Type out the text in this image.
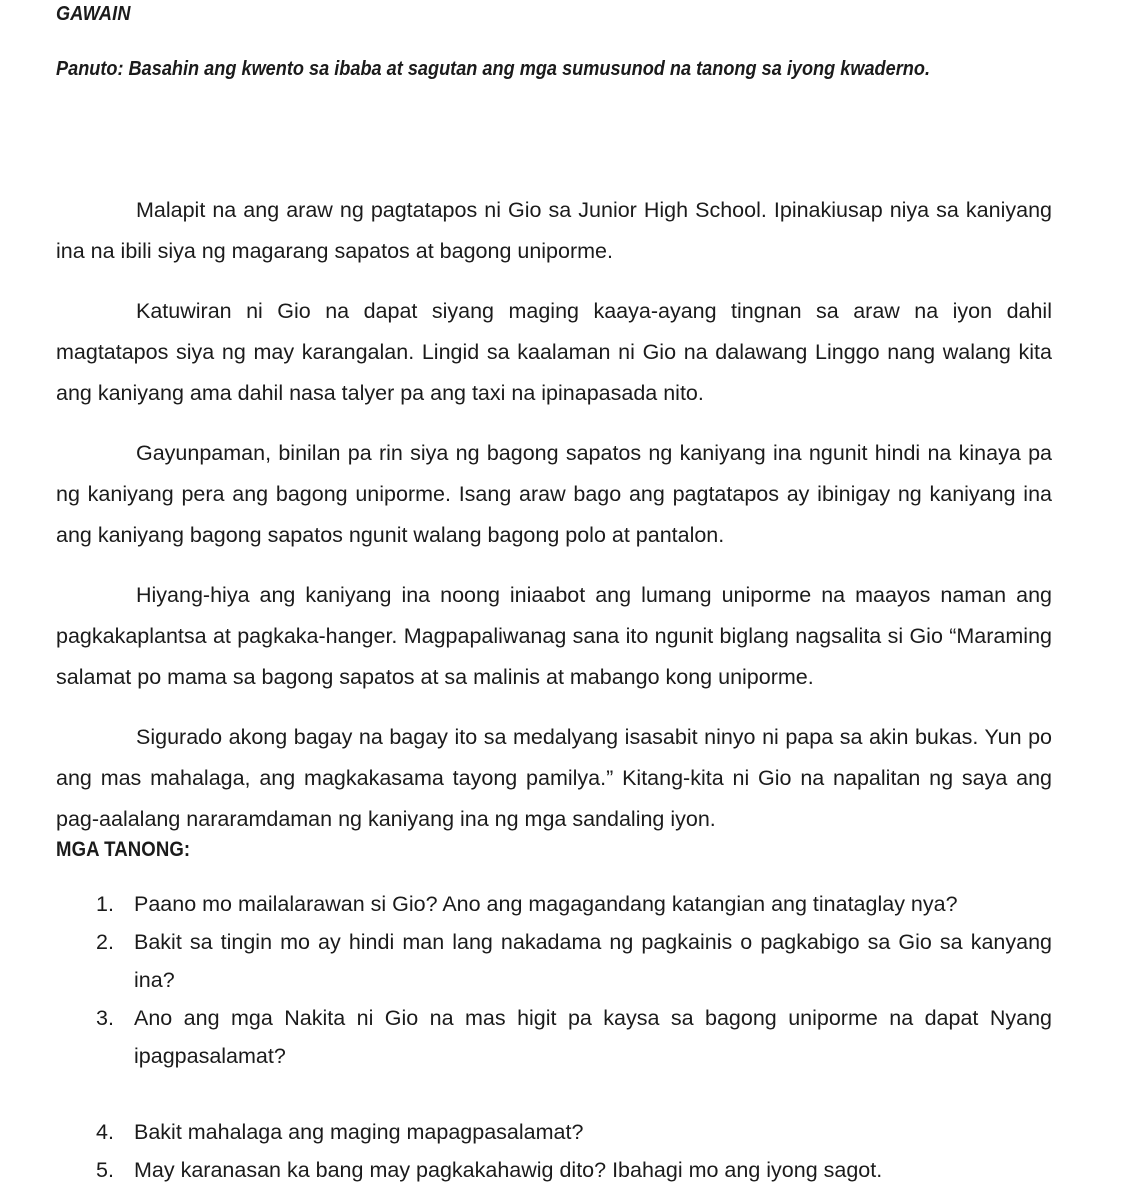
GAWAIN
Panuto: Basahin ang kwento sa ibaba at sagutan ang mga sumusunod na tanong sa iyong kwaderno.

Malapit na ang araw ng pagtatapos ni Gio sa Junior High School. Ipinakiusap niya sa kaniyang ina na ibili siya ng magarang sapatos at bagong uniporme.

Katuwiran ni Gio na dapat siyang maging kaaya-ayang tingnan sa araw na iyon dahil magtatapos siya ng may karangalan. Lingid sa kaalaman ni Gio na dalawang Linggo nang walang kita ang kaniyang ama dahil nasa talyer pa ang taxi na ipinapasada nito.

Gayunpaman, binilan pa rin siya ng bagong sapatos ng kaniyang ina ngunit hindi na kinaya pa ng kaniyang pera ang bagong uniporme. Isang araw bago ang pagtatapos ay ibinigay ng kaniyang ina ang kaniyang bagong sapatos ngunit walang bagong polo at pantalon.

Hiyang-hiya ang kaniyang ina noong iniaabot ang lumang uniporme na maayos naman ang pagkakaplantsa at pagkaka-hanger. Magpapaliwanag sana ito ngunit biglang nagsalita si Gio “Maraming salamat po mama sa bagong sapatos at sa malinis at mabango kong uniporme.

Sigurado akong bagay na bagay ito sa medalyang isasabit ninyo ni papa sa akin bukas. Yun po ang mas mahalaga, ang magkakasama tayong pamilya.” Kitang-kita ni Gio na napalitan ng saya ang pag-aalalang nararamdaman ng kaniyang ina ng mga sandaling iyon.

MGA TANONG:
1. Paano mo mailalarawan si Gio? Ano ang magagandang katangian ang tinataglay nya?
2. Bakit sa tingin mo ay hindi man lang nakadama ng pagkainis o pagkabigo sa Gio sa kanyang ina?
3. Ano ang mga Nakita ni Gio na mas higit pa kaysa sa bagong uniporme na dapat Nyang ipagpasalamat?
4. Bakit mahalaga ang maging mapagpasalamat?
5. May karanasan ka bang may pagkakahawig dito? Ibahagi mo ang iyong sagot.
